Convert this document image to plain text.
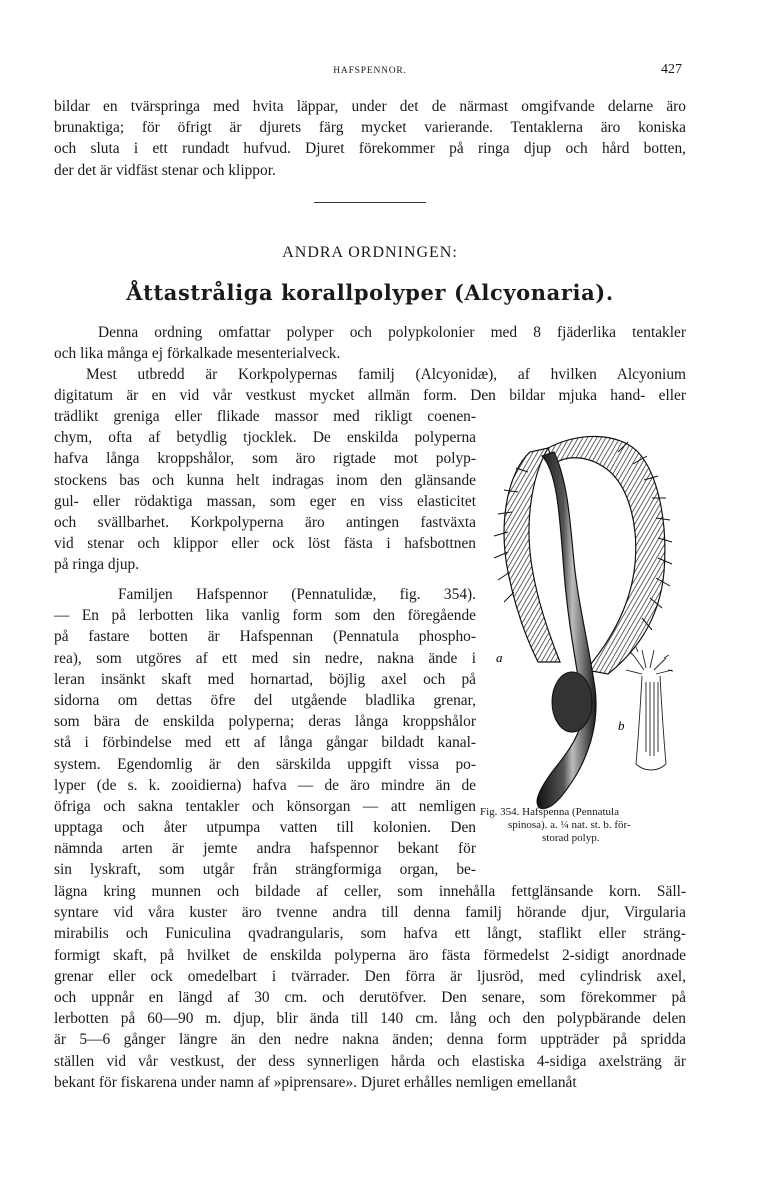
HAFSPENNOR.	427
bildar en tvärspringa med hvita läppar, under det de närmast omgifvande delarne äro
brunaktiga; för öfrigt är djurets färg mycket varierande. Tentaklerna äro koniska
och sluta i ett rundadt hufvud. Djuret förekommer på ringa djup och hård botten,
der det är vidfäst stenar och klippor.
ANDRA ORDNINGEN:
Åttastråliga korallpolyper (Alcyonaria).
Denna ordning omfattar polyper och polypkolonier med 8 fjäderlika tentakler
och lika många ej förkalkade mesenterialveck.
Mest utbredd är Korkpolypernas familj (Alcyonidæ), af hvilken Alcyonium
digitatum är en vid vår vestkust mycket allmän form. Den bildar mjuka hand- eller
trädlikt greniga eller flikade massor med rikligt coenen-
chym, ofta af betydlig tjocklek. De enskilda polyperna
hafva långa kroppshålor, som äro rigtade mot polyp-
stockens bas och kunna helt indragas inom den glänsande
gul- eller rödaktiga massan, som eger en viss elasticitet
och svällbarhet. Korkpolyperna äro antingen fastväxta
vid stenar och klippor eller ock löst fästa i hafsbottnen
på ringa djup.
Familjen Hafspennor (Pennatulidæ, fig. 354).
— En på lerbotten lika vanlig form som den föregående
på fastare botten är Hafspennan (Pennatula phospho-
rea), som utgöres af ett med sin nedre, nakna ände i
leran insänkt skaft med hornartad, böjlig axel och på
sidorna om dettas öfre del utgående bladlika grenar,
som bära de enskilda polyperna; deras långa kroppshålor
stå i förbindelse med ett af långa gångar bildadt kanal-
system. Egendomlig är den särskilda uppgift vissa po-
lyper (de s. k. zooidierna) hafva — de äro mindre än de
öfriga och sakna tentakler och könsorgan — att nemligen
upptaga och åter utpumpa vatten till kolonien. Den
nämnda arten är jemte andra hafspennor bekant för
sin lyskraft, som utgår från strängformiga organ, be-
lägna kring munnen och bildade af celler, som innehålla fettglänsande korn. Säll-
syntare vid våra kuster äro tvenne andra till denna familj hörande djur, Virgularia
mirabilis och Funiculina qvadrangularis, som hafva ett långt, staflikt eller sträng-
formigt skaft, på hvilket de enskilda polyperna äro fästa förmedelst 2-sidigt anordnade
grenar eller ock omedelbart i tvärrader. Den förra är ljusröd, med cylindrisk axel,
och uppnår en längd af 30 cm. och derutöfver. Den senare, som förekommer på
lerbotten på 60—90 m. djup, blir ända till 140 cm. lång och den polypbärande delen
är 5—6 gånger längre än den nedre nakna änden; denna form uppträder på spridda
ställen vid vår vestkust, der dess synnerligen hårda och elastiska 4-sidiga axelsträng är
bekant för fiskarena under namn af »piprensare». Djuret erhålles nemligen emellanåt
a
b
Fig. 354. Hafspenna (Pennatula
spinosa). a. ¼ nat. st. b. för-
storad polyp.
